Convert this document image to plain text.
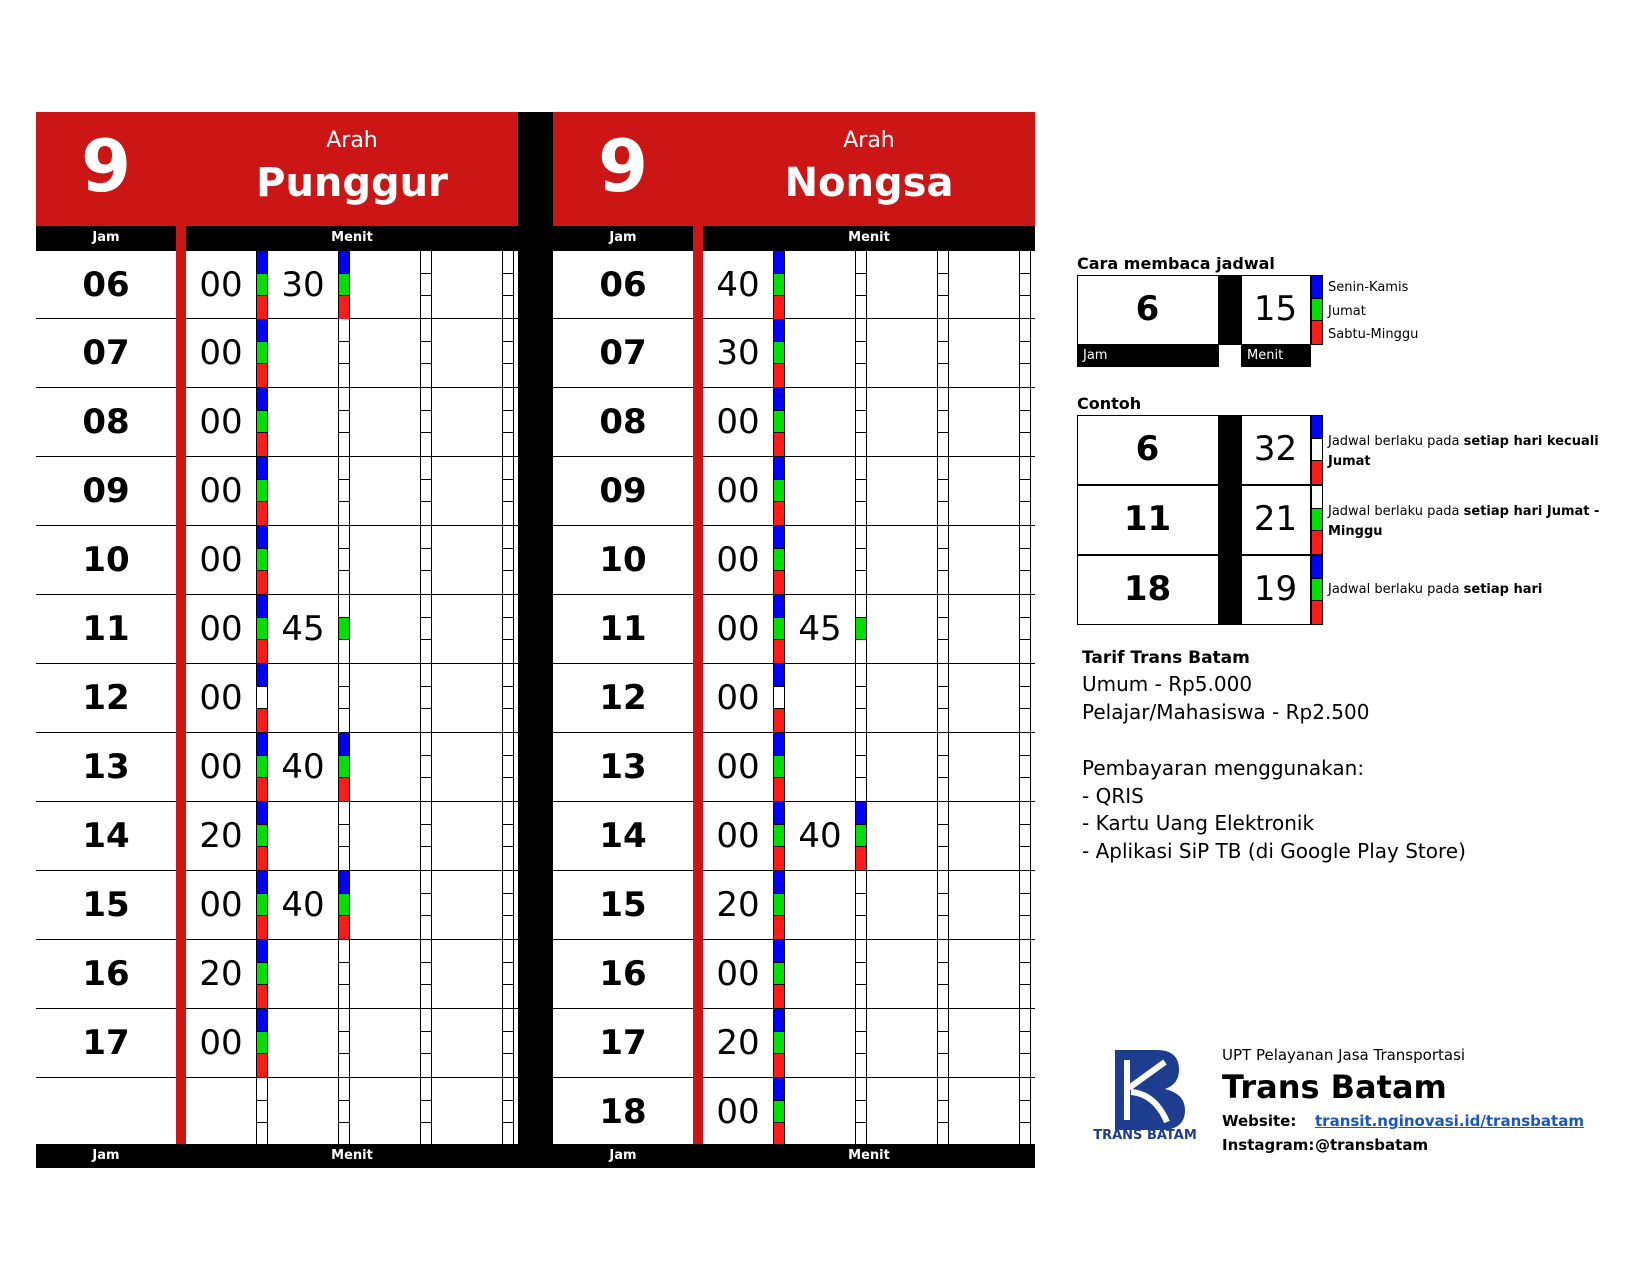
9	Arah
Punggur
Jam	Menit
06	00	30
07	00
08	00
09	00
10	00
11	00	45
12	00
13	00	40
14	20
15	00	40
16	20
17	00
Jam	Menit
9	Arah
Nongsa
Jam	Menit
06	40
07	30
08	00
09	00
10	00
11	00	45
12	00
13	00
14	00	40
15	20
16	00
17	20
18	00
Jam	Menit
Cara membaca jadwal
6	15
Senin-Kamis
Jumat
Sabtu-Minggu
Jam	Menit
Contoh
6	32	Jadwal berlaku pada setiap hari kecuali Jumat
11	21	Jadwal berlaku pada setiap hari Jumat - Minggu
18	19	Jadwal berlaku pada setiap hari
Tarif Trans Batam
Umum - Rp5.000
Pelajar/Mahasiswa - Rp2.500
Pembayaran menggunakan:
- QRIS
- Kartu Uang Elektronik
- Aplikasi SiP TB (di Google Play Store)
TRANS BATAM
UPT Pelayanan Jasa Transportasi
Trans Batam
Website: transit.nginovasi.id/transbatam
Instagram: @transbatam
